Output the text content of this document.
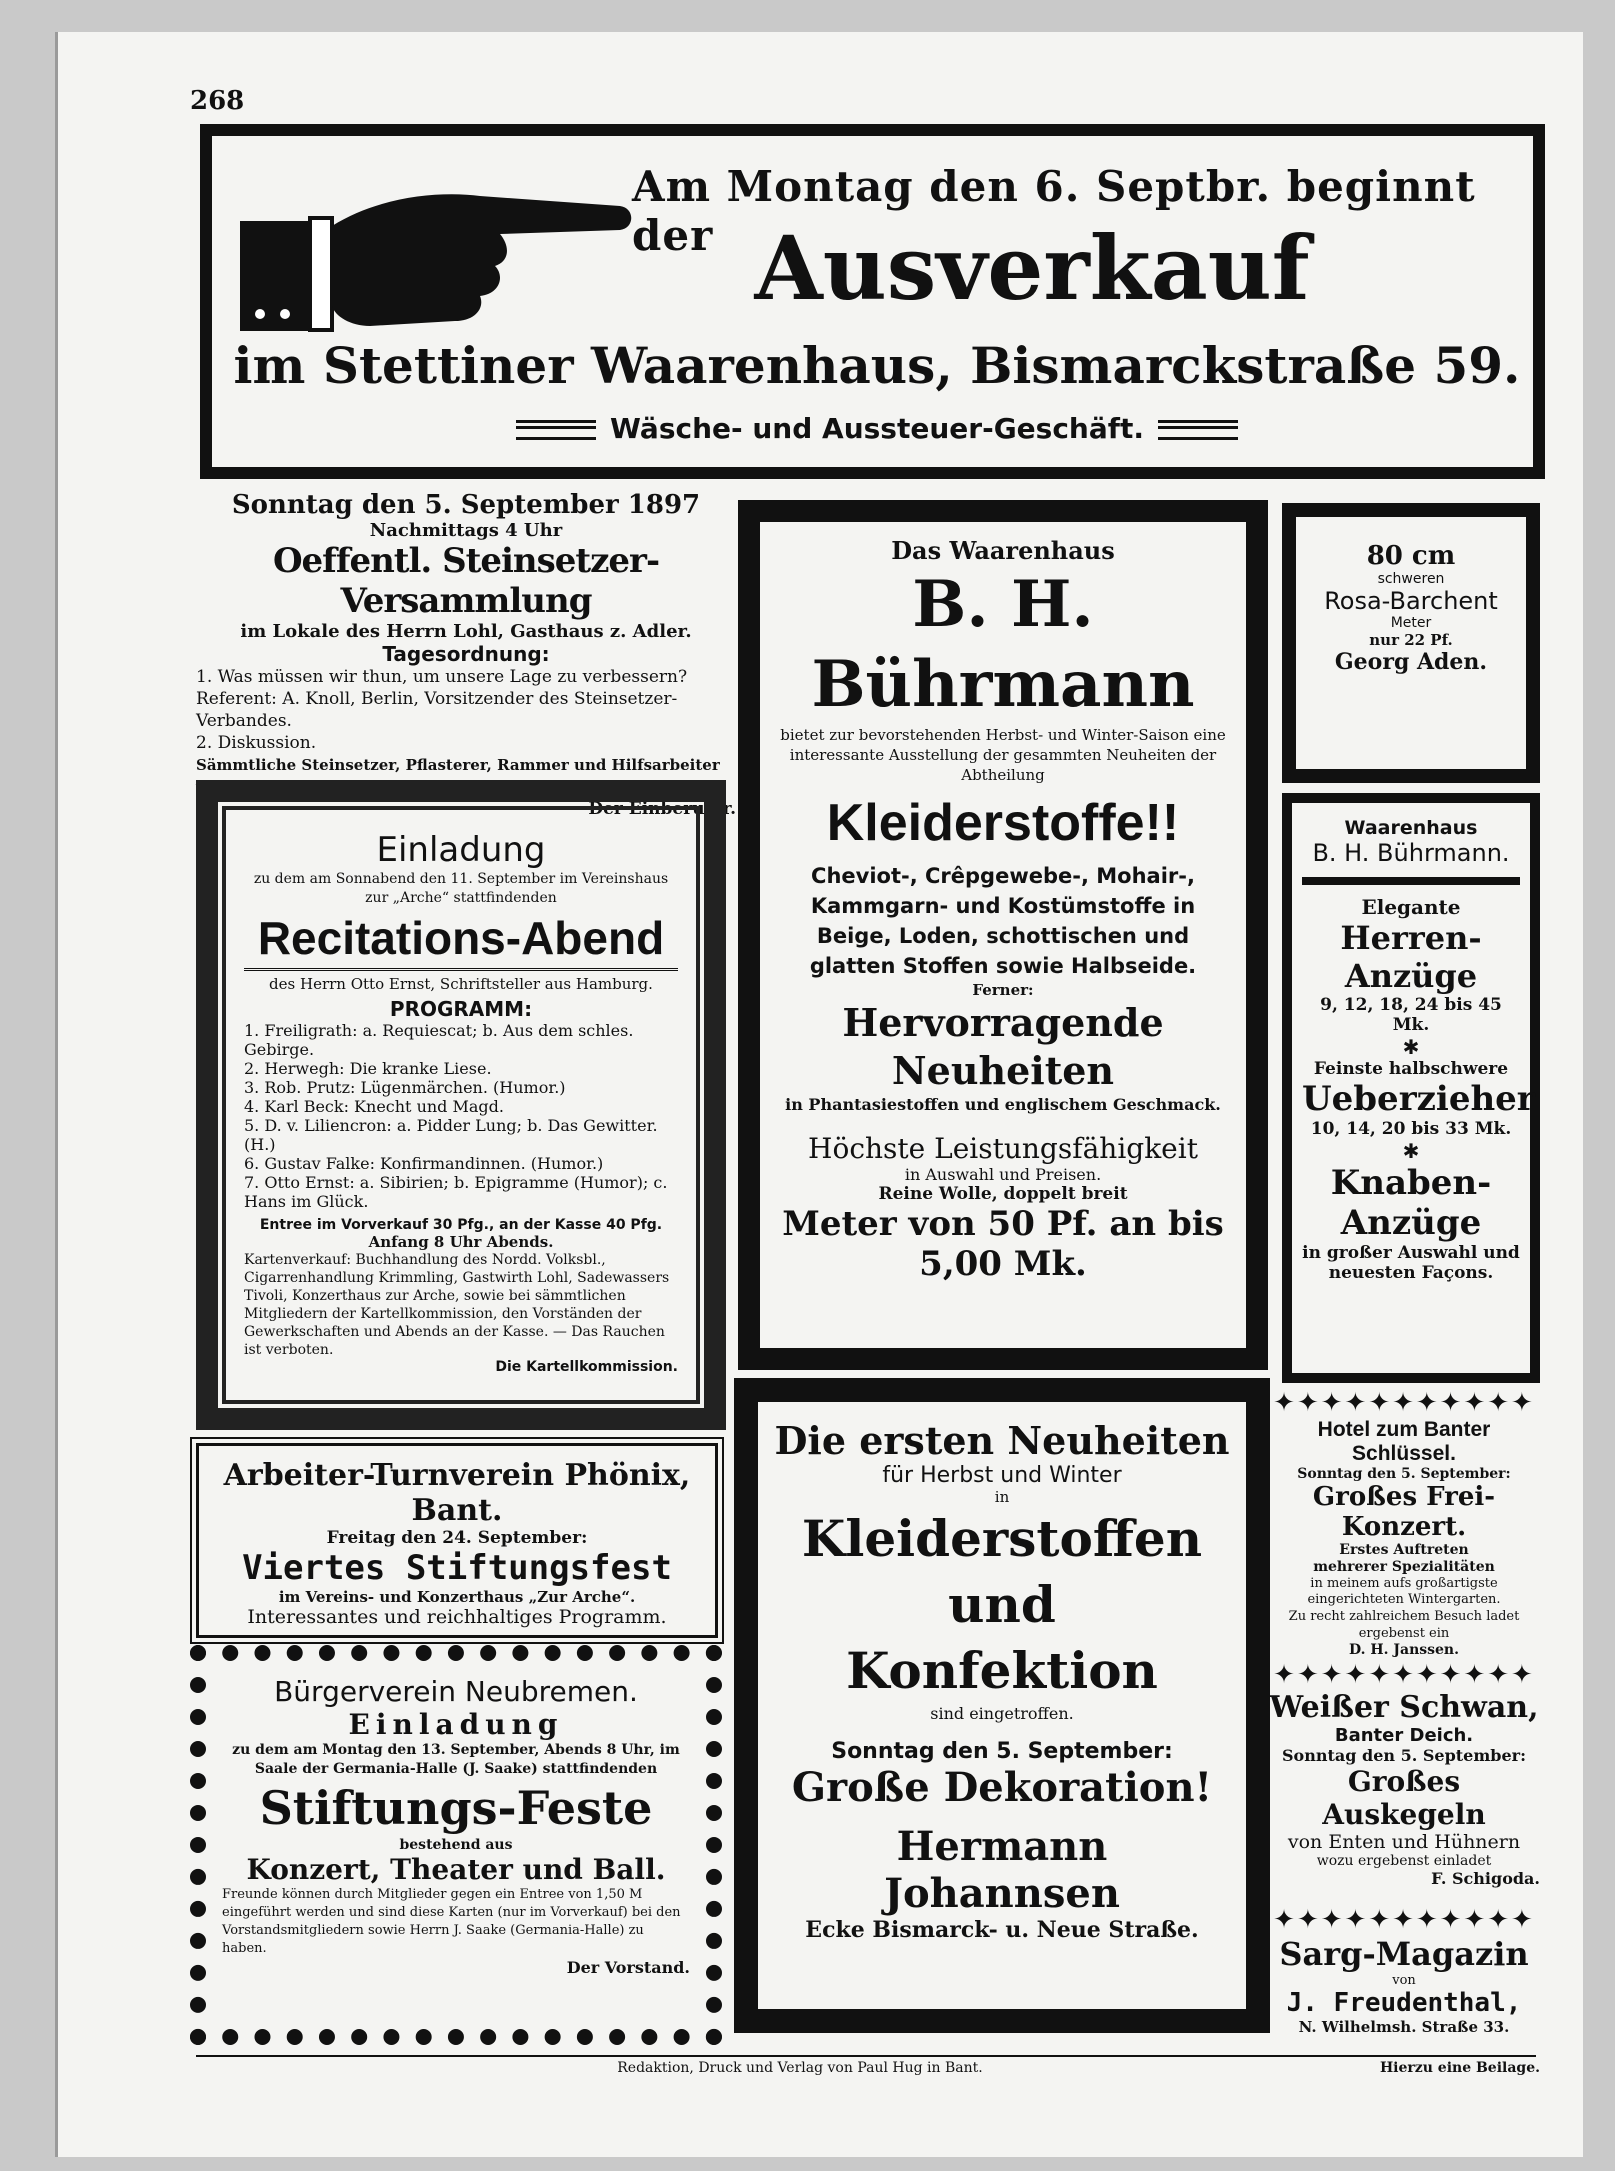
268
Am Montag den 6. Septbr. beginnt der Ausverkauf
im Stettiner Waarenhaus, Bismarckstraße 59.
Wäsche- und Aussteuer-Geschäft.
Sonntag den 5. September 1897
Nachmittags 4 Uhr
Oeffentl. Steinsetzer-Versammlung
im Lokale des Herrn Lohl, Gasthaus z. Adler.
Tagesordnung:

1. Was müssen wir thun, um unsere Lage zu verbessern? Referent: A. Knoll, Berlin, Vorsitzender des Steinsetzer-Verbandes.

2. Diskussion.

Sämmtliche Steinsetzer, Pflasterer, Rammer und Hilfsarbeiter werden ersucht, zahlreich zu erscheinen.

Der Einberufer.

Einladung

zu dem am Sonnabend den 11. September im Vereinshaus zur „Arche“ stattfindenden

Recitations-Abend

des Herrn Otto Ernst, Schriftsteller aus Hamburg.

PROGRAMM:

1. Freiligrath: a. Requiescat; b. Aus dem schles. Gebirge.

2. Herwegh: Die kranke Liese.

3. Rob. Prutz: Lügenmärchen. (Humor.)

4. Karl Beck: Knecht und Magd.

5. D. v. Liliencron: a. Pidder Lung; b. Das Gewitter. (H.)

6. Gustav Falke: Konfirmandinnen. (Humor.)

7. Otto Ernst: a. Sibirien; b. Epigramme (Humor); c. Hans im Glück.

Entree im Vorverkauf 30 Pfg., an der Kasse 40 Pfg.

Anfang 8 Uhr Abends.

Kartenverkauf: Buchhandlung des Nordd. Volksbl., Cigarrenhandlung Krimmling, Gastwirth Lohl, Sadewassers Tivoli, Konzerthaus zur Arche, sowie bei sämmtlichen Mitgliedern der Kartellkommission, den Vorständen der Gewerkschaften und Abends an der Kasse. — Das Rauchen ist verboten.

Die Kartellkommission.

Arbeiter-Turnverein Phönix, Bant.
Freitag den 24. September:
Viertes Stiftungsfest
im Vereins- und Konzerthaus „Zur Arche“.
Interessantes und reichhaltiges Programm.
Bürgerverein Neubremen.
Einladung

zu dem am Montag den 13. September, Abends 8 Uhr, im Saale der Germania-Halle (J. Saake) stattfindenden

Stiftungs-Feste
bestehend aus
Konzert, Theater und Ball.

Freunde können durch Mitglieder gegen ein Entree von 1,50 M eingeführt werden und sind diese Karten (nur im Vorverkauf) bei den Vorstandsmitgliedern sowie Herrn J. Saake (Germania-Halle) zu haben.

Der Vorstand.

Das Waarenhaus
B. H. Bührmann

bietet zur bevorstehenden Herbst- und Winter-Saison eine interessante Ausstellung der gesammten Neuheiten der Abtheilung

Kleiderstoffe!!

Cheviot-, Crêpgewebe-, Mohair-, Kammgarn- und Kostümstoffe in Beige, Loden, schottischen und glatten Stoffen sowie Halbseide.

Ferner:
Hervorragende Neuheiten
in Phantasiestoffen und englischem Geschmack.
Höchste Leistungsfähigkeit
in Auswahl und Preisen.
Reine Wolle, doppelt breit
Meter von 50 Pf. an bis 5,00 Mk.
Die ersten Neuheiten
für Herbst und Winter
in
Kleiderstoffen und
Konfektion
sind eingetroffen.
Sonntag den 5. September:
Große Dekoration!
Hermann Johannsen
Ecke Bismarck- u. Neue Straße.
80 cm
schweren
Rosa-Barchent
Meter
nur 22 Pf.
Georg Aden.
Waarenhaus
B. H. Bührmann.
Elegante
Herren-Anzüge
9, 12, 18, 24 bis 45 Mk.
✱
Feinste halbschwere
Ueberzieher
10, 14, 20 bis 33 Mk.
✱
Knaben-Anzüge
in großer Auswahl und neuesten Façons.
✦✦✦✦✦✦✦✦✦✦✦
Hotel zum Banter Schlüssel.
Sonntag den 5. September:
Großes Frei-Konzert.
Erstes Auftreten
mehrerer Spezialitäten
in meinem aufs großartigste eingerichteten Wintergarten.
Zu recht zahlreichem Besuch ladet ergebenst ein
D. H. Janssen.
✦✦✦✦✦✦✦✦✦✦✦
Weißer Schwan,
Banter Deich.
Sonntag den 5. September:
Großes Auskegeln
von Enten und Hühnern
wozu ergebenst einladet
F. Schigoda.
✦✦✦✦✦✦✦✦✦✦✦
Sarg-Magazin
von
J. Freudenthal,
N. Wilhelmsh. Straße 33.
Redaktion, Druck und Verlag von Paul Hug in Bant.	Hierzu eine Beilage.
